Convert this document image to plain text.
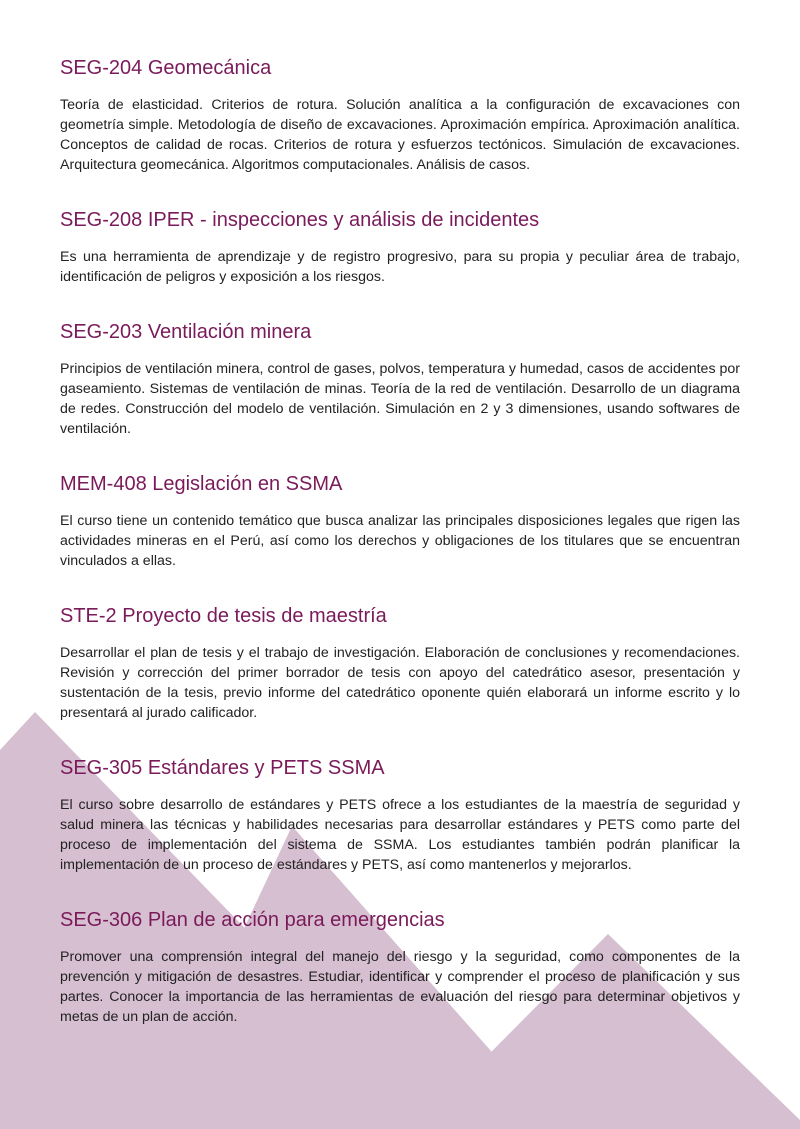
SEG-204 Geomecánica

Teoría de elasticidad. Criterios de rotura. Solución analítica a la configuración de excavaciones con geometría simple. Metodología de diseño de excavaciones. Aproximación empírica. Aproximación analítica. Conceptos de calidad de rocas. Criterios de rotura y esfuerzos tectónicos. Simulación de excavaciones. Arquitectura geomecánica. Algoritmos computacionales. Análisis de casos.

SEG-208 IPER - inspecciones y análisis de incidentes

Es una herramienta de aprendizaje y de registro progresivo, para su propia y peculiar área de trabajo, identificación de peligros y exposición a los riesgos.

SEG-203 Ventilación minera

Principios de ventilación minera, control de gases, polvos, temperatura y humedad, casos de accidentes por gaseamiento. Sistemas de ventilación de minas. Teoría de la red de ventilación. Desarrollo de un diagrama de redes. Construcción del modelo de ventilación. Simulación en 2 y 3 dimensiones, usando softwares de ventilación.

MEM-408 Legislación en SSMA

El curso tiene un contenido temático que busca analizar las principales disposiciones legales que rigen las actividades mineras en el Perú, así como los derechos y obligaciones de los titulares que se encuentran vinculados a ellas.

STE-2 Proyecto de tesis de maestría

Desarrollar el plan de tesis y el trabajo de investigación. Elaboración de conclusiones y recomendaciones. Revisión y corrección del primer borrador de tesis con apoyo del catedrático asesor, presentación y sustentación de la tesis, previo informe del catedrático oponente quién elaborará un informe escrito y lo presentará al jurado calificador.

SEG-305 Estándares y PETS SSMA

El curso sobre desarrollo de estándares y PETS ofrece a los estudiantes de la maestría de seguridad y salud minera las técnicas y habilidades necesarias para desarrollar estándares y PETS como parte del proceso de implementación del sistema de SSMA. Los estudiantes también podrán planificar la implementación de un proceso de estándares y PETS, así como mantenerlos y mejorarlos.

SEG-306 Plan de acción para emergencias

Promover una comprensión integral del manejo del riesgo y la seguridad, como componentes de la prevención y mitigación de desastres. Estudiar, identificar y comprender el proceso de planificación y sus partes. Conocer la importancia de las herramientas de evaluación del riesgo para determinar objetivos y metas de un plan de acción.
